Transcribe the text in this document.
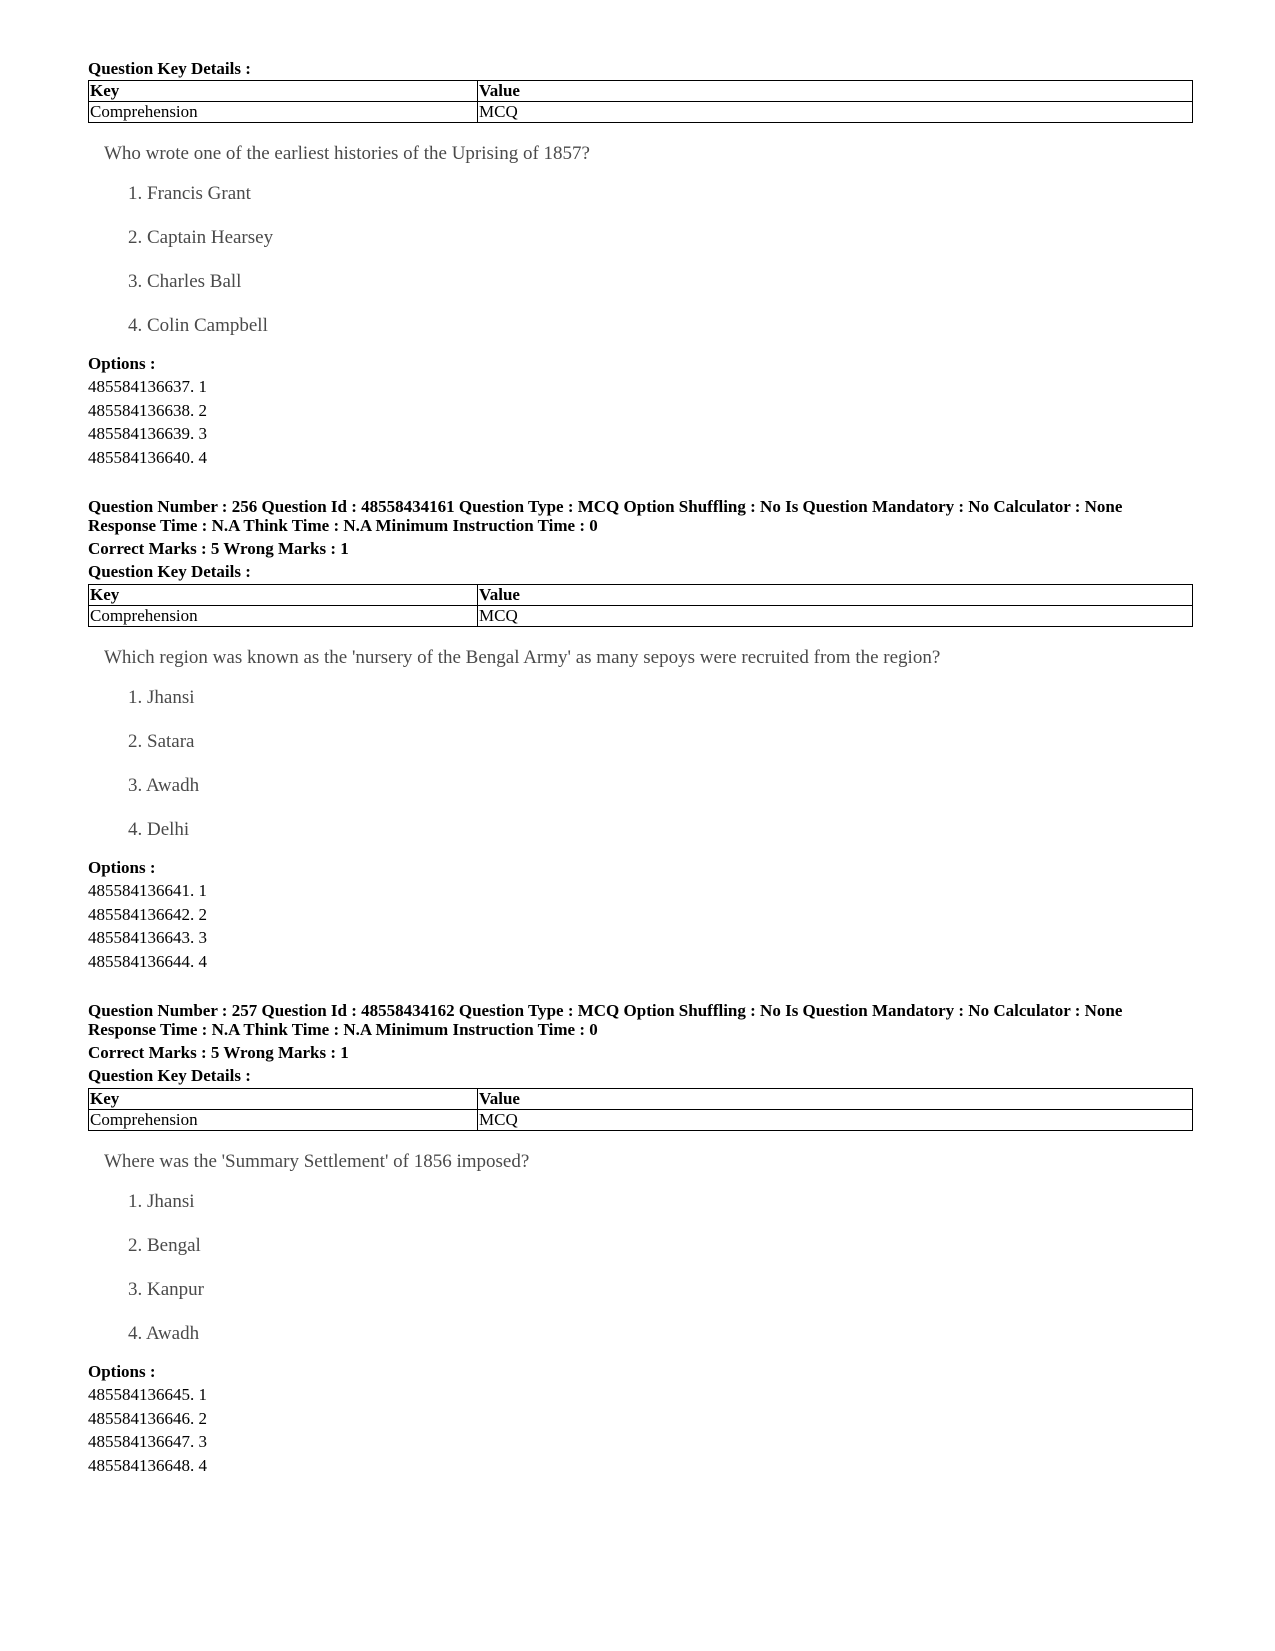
Question Key Details :
Key	Value
Comprehension	MCQ
Who wrote one of the earliest histories of the Uprising of 1857?
1. Francis Grant
2. Captain Hearsey
3. Charles Ball
4. Colin Campbell
Options :
485584136637. 1
485584136638. 2
485584136639. 3
485584136640. 4
Question Number : 256 Question Id : 48558434161 Question Type : MCQ Option Shuffling : No Is Question Mandatory : No Calculator : None
Response Time : N.A Think Time : N.A Minimum Instruction Time : 0
Correct Marks : 5 Wrong Marks : 1
Question Key Details :
Key	Value
Comprehension	MCQ
Which region was known as the 'nursery of the Bengal Army' as many sepoys were recruited from the region?
1. Jhansi
2. Satara
3. Awadh
4. Delhi
Options :
485584136641. 1
485584136642. 2
485584136643. 3
485584136644. 4
Question Number : 257 Question Id : 48558434162 Question Type : MCQ Option Shuffling : No Is Question Mandatory : No Calculator : None
Response Time : N.A Think Time : N.A Minimum Instruction Time : 0
Correct Marks : 5 Wrong Marks : 1
Question Key Details :
Key	Value
Comprehension	MCQ
Where was the 'Summary Settlement' of 1856 imposed?
1. Jhansi
2. Bengal
3. Kanpur
4. Awadh
Options :
485584136645. 1
485584136646. 2
485584136647. 3
485584136648. 4
